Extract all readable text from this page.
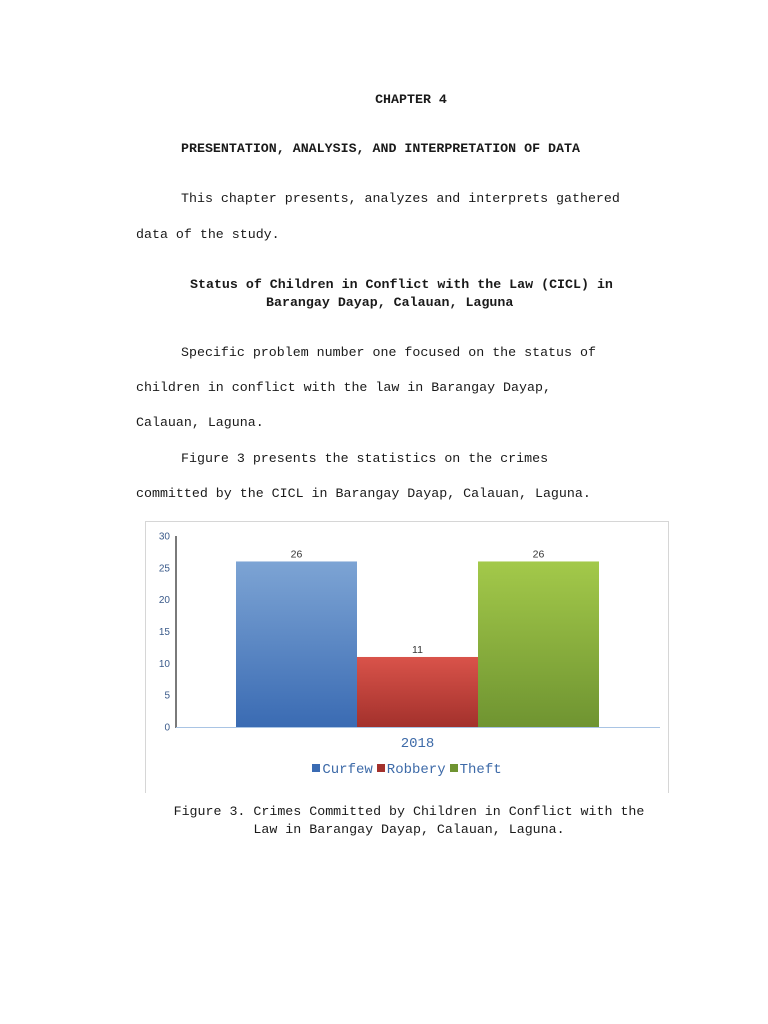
CHAPTER 4

PRESENTATION, ANALYSIS, AND INTERPRETATION OF DATA

This chapter presents, analyzes and interprets gathered

data of the study.

Status of Children in Conflict with the Law (CICL) in

Barangay Dayap, Calauan, Laguna

Specific problem number one focused on the status of

children in conflict with the law in Barangay Dayap,

Calauan, Laguna.

Figure 3 presents the statistics on the crimes

committed by the CICL in Barangay Dayap, Calauan, Laguna.

0
5
10
15
20
25
30
26
11
26
2018
Curfew Robbery Theft
Figure 3. Crimes Committed by Children in Conflict with the
Law in Barangay Dayap, Calauan, Laguna.
